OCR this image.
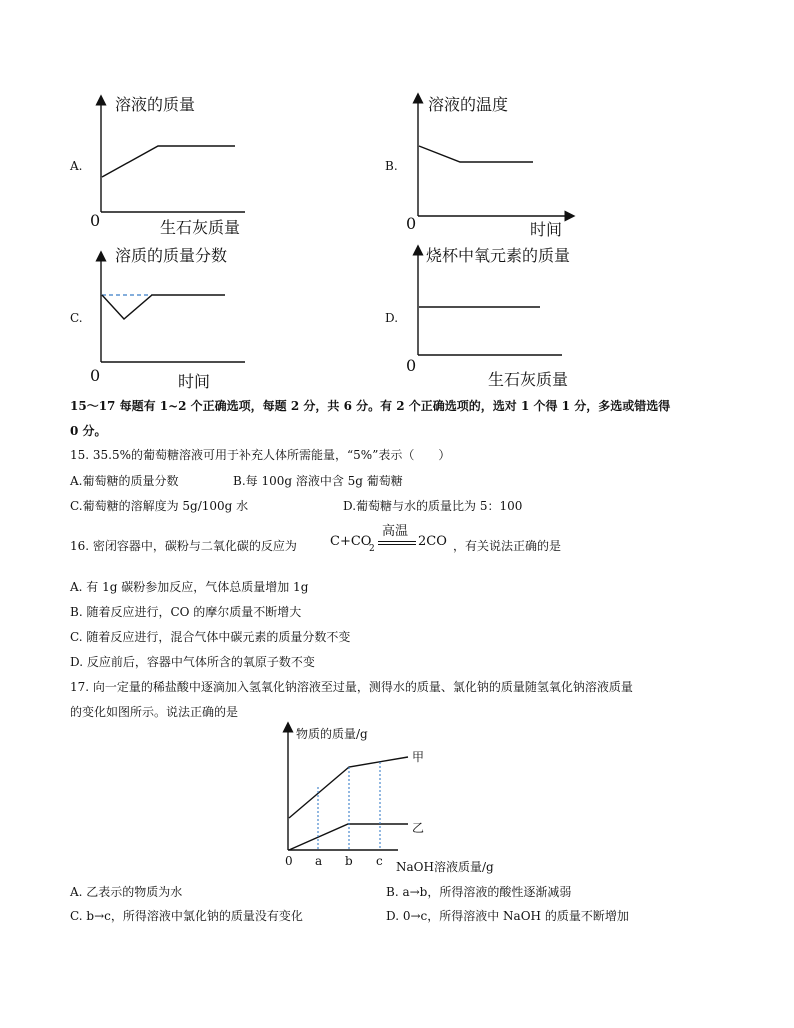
溶液的质量
A.
0	生石灰质量
溶液的温度
B.
0	时间
溶质的质量分数
C.
0	时间
烧杯中氧元素的质量
D.
0
生石灰质量
15～17 每题有 1~2 个正确选项，每题 2 分，共 6 分。有 2 个正确选项的，选对 1 个得 1 分，多选或错选得
0 分。
15. 35.5%的葡萄糖溶液可用于补充人体所需能量，“5%”表示（　　）
A.葡萄糖的质量分数	B.每 100g 溶液中含 5g 葡萄糖
C.葡萄糖的溶解度为 5g/100g 水	D.葡萄糖与水的质量比为 5：100
16. 密闭容器中，碳粉与二氧化碳的反应为	C+CO
2
高温
2CO ，有关说法正确的是
A. 有 1g 碳粉参加反应，气体总质量增加 1g
B. 随着反应进行，CO 的摩尔质量不断增大
C. 随着反应进行，混合气体中碳元素的质量分数不变
D. 反应前后，容器中气体所含的氧原子数不变
17. 向一定量的稀盐酸中逐滴加入氢氧化钠溶液至过量，测得水的质量、氯化钠的质量随氢氧化钠溶液质量
的变化如图所示。说法正确的是
物质的质量/g
甲
乙
0 a b c NaOH溶液质量/g
A. 乙表示的物质为水	B. a→b，所得溶液的酸性逐渐减弱
C. b→c，所得溶液中氯化钠的质量没有变化	D. 0→c，所得溶液中 NaOH 的质量不断增加
